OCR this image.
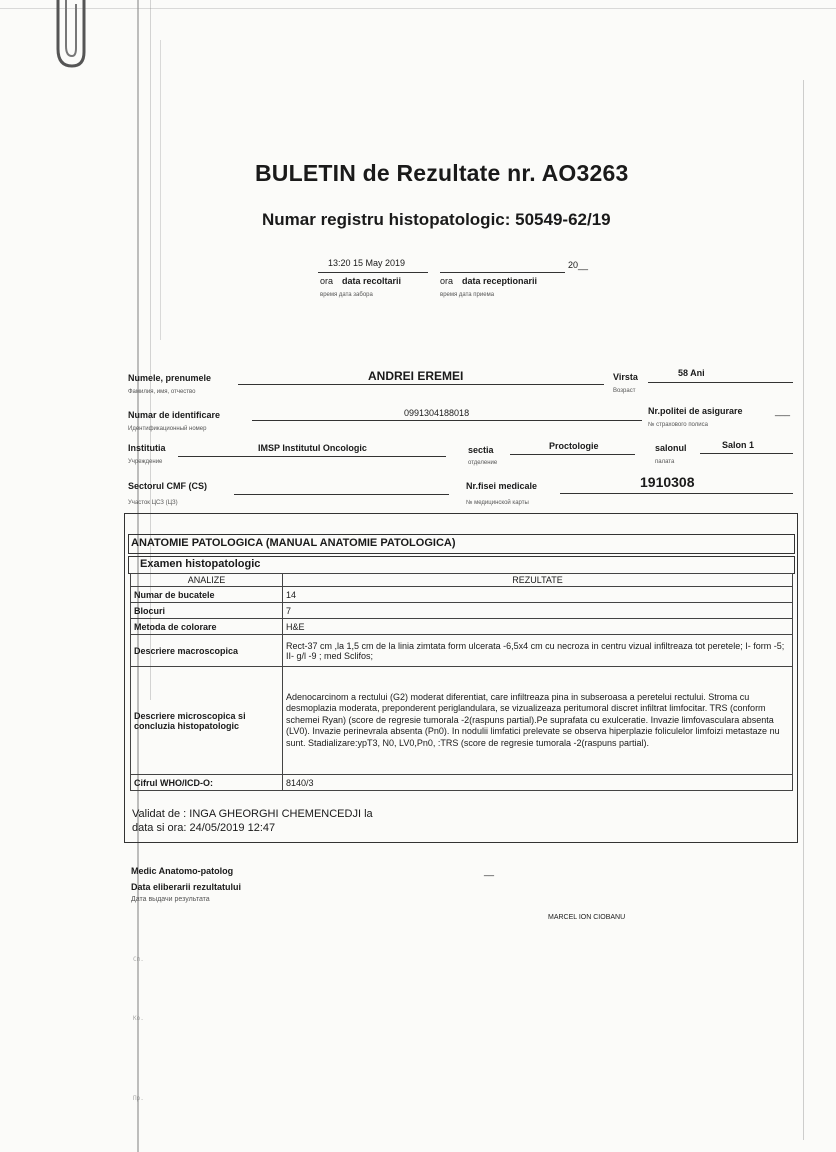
BULETIN de Rezultate nr. AO3263
Numar registru histopatologic: 50549-62/19
13:20 15 May 2019	20__
ora data recoltarii	ora data receptionarii
время дата забора	время дата приема
Numele, prenumele
Фамилия, имя, отчество
ANDREI EREMEI	Virsta
Возраст
58 Ani
Numar de identificare
Идентификационный номер
0991304188018	Nr.politei de asigurare	___
№ страхового полиса
Institutia
Учреждение
IMSP Institutul Oncologic	sectia
отделение
Proctologie	salonul
палата
Salon 1
Sectorul CMF (CS)
Участок ЦСЗ (ЦЗ)
Nr.fisei medicale
№ медицинской карты
1910308
ANATOMIE PATOLOGICA (MANUAL ANATOMIE PATOLOGICA)
Examen histopatologic
ANALIZE	REZULTATE
Numar de bucatele	14
Blocuri	7
Metoda de colorare	H&E
Descriere macroscopica	Rect-37 cm ,la 1,5 cm de la linia zimtata form ulcerata -6,5x4 cm cu necroza in centru vizual infiltreaza tot peretele; I- form -5; II- g/l -9 ; med Sclifos;
Descriere microscopica si concluzia histopatologic	Adenocarcinom a rectului (G2) moderat diferentiat, care infiltreaza pina in subseroasa a peretelui rectului. Stroma cu desmoplazia moderata, preponderent periglandulara, se vizualizeaza peritumoral discret infiltrat limfocitar. TRS (conform schemei Ryan) (score de regresie tumorala -2(raspuns partial).Pe suprafata cu exulceratie. Invazie limfovasculara absenta (LV0). Invazie perinevrala absenta (Pn0). In nodulii limfatici prelevate se observa hiperplazie foliculelor limfoizi metastaze nu sunt. Stadializare:ypT3, N0, LV0,Pn0, :TRS (score de regresie tumorala -2(raspuns partial).
Cifrul WHO/ICD-O:	8140/3
Validat de : INGA GHEORGHI CHEMENCEDJI la
data si ora: 24/05/2019 12:47
Medic Anatomo-patolog	__
Data eliberarii rezultatului
Дата выдачи результата
MARCEL ION CIOBANU
Сп.
Ко.
Пр.
